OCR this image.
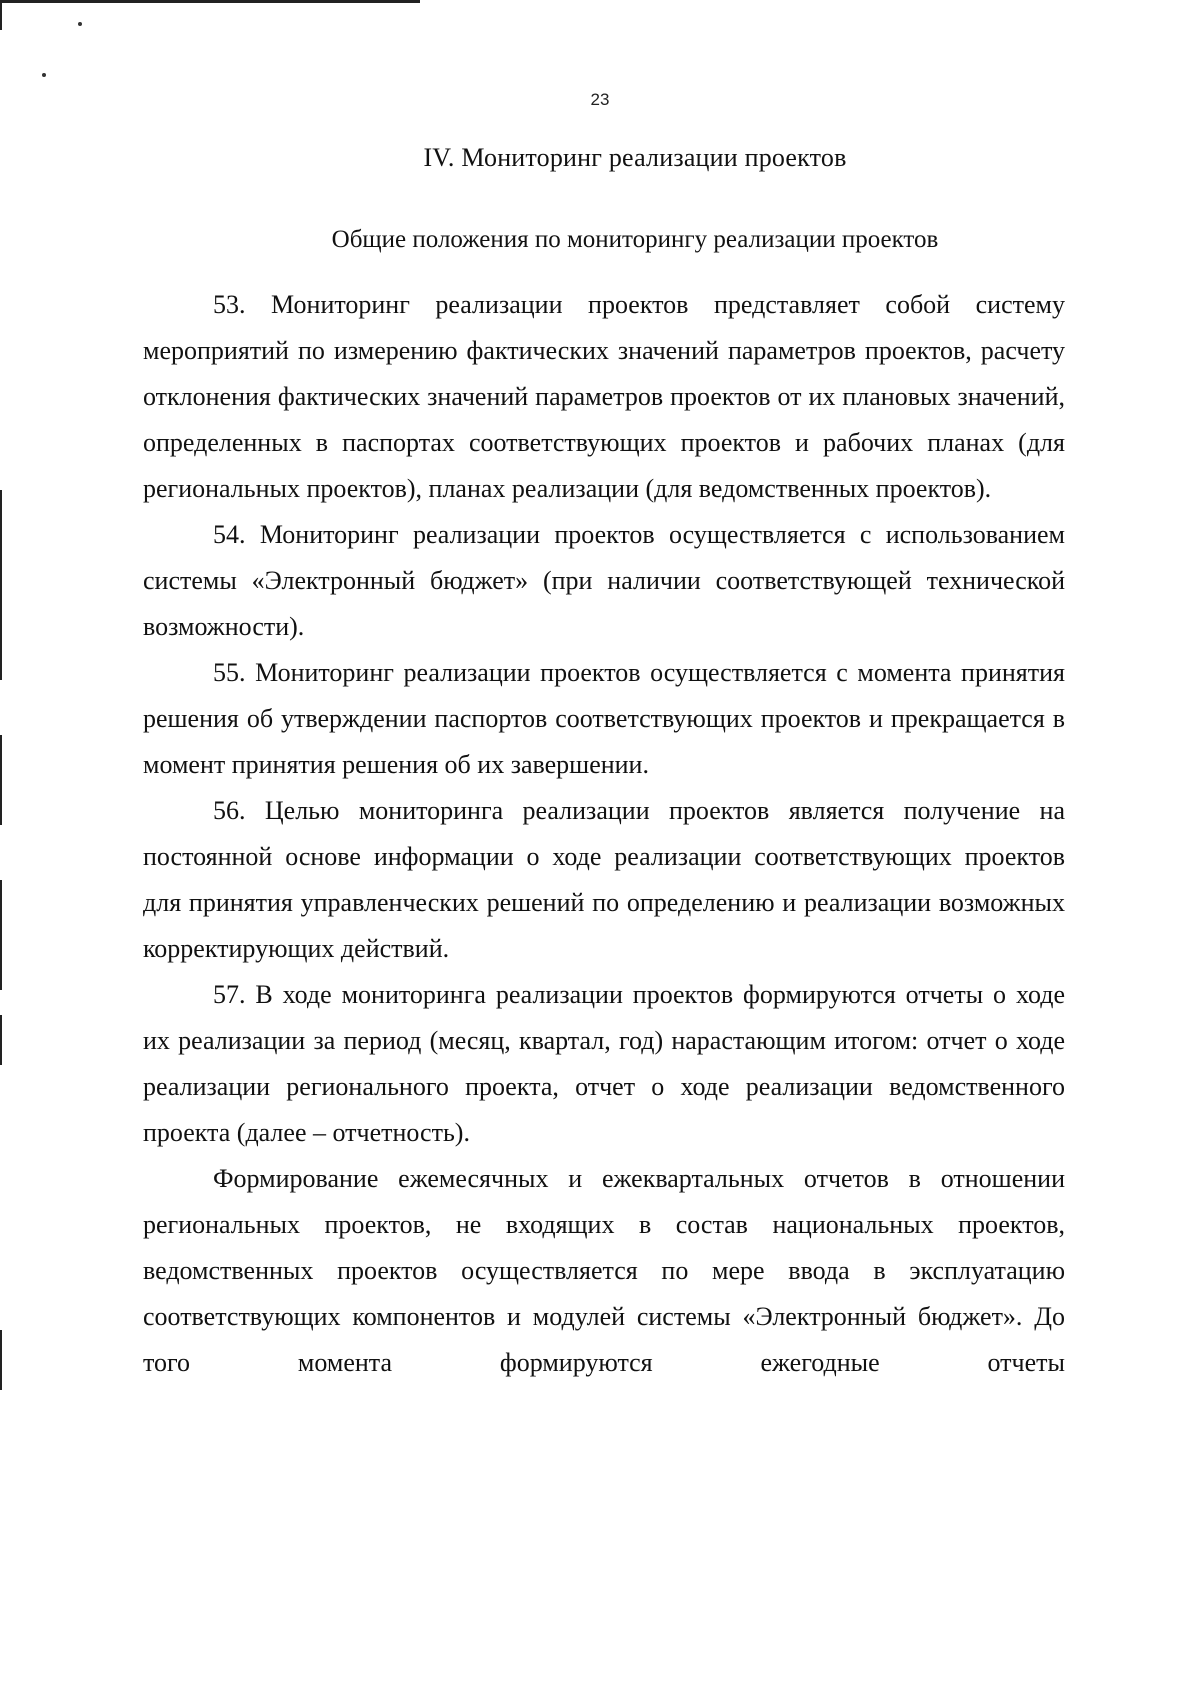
23
IV. Мониторинг реализации проектов
Общие положения по мониторингу реализации проектов

53. Мониторинг реализации проектов представляет собой систему мероприятий по измерению фактических значений параметров проектов, расчету отклонения фактических значений параметров проектов от их плановых значений, определенных в паспортах соответствующих проектов и рабочих планах (для региональных проектов), планах реализации (для ведомственных проектов).

54. Мониторинг реализации проектов осуществляется с использованием системы «Электронный бюджет» (при наличии соответствующей технической возможности).

55. Мониторинг реализации проектов осуществляется с момента принятия решения об утверждении паспортов соответствующих проектов и прекращается в момент принятия решения об их завершении.

56. Целью мониторинга реализации проектов является получение на постоянной основе информации о ходе реализации соответствующих проектов для принятия управленческих решений по определению и реализации возможных корректирующих действий.

57. В ходе мониторинга реализации проектов формируются отчеты о ходе их реализации за период (месяц, квартал, год) нарастающим итогом: отчет о ходе реализации регионального проекта, отчет о ходе реализации ведомственного проекта (далее – отчетность).

Формирование ежемесячных и ежеквартальных отчетов в отношении региональных проектов, не входящих в состав национальных проектов, ведомственных проектов осуществляется по мере ввода в эксплуатацию соответствующих компонентов и модулей системы «Электронный бюджет». До того момента формируются ежегодные отчеты
